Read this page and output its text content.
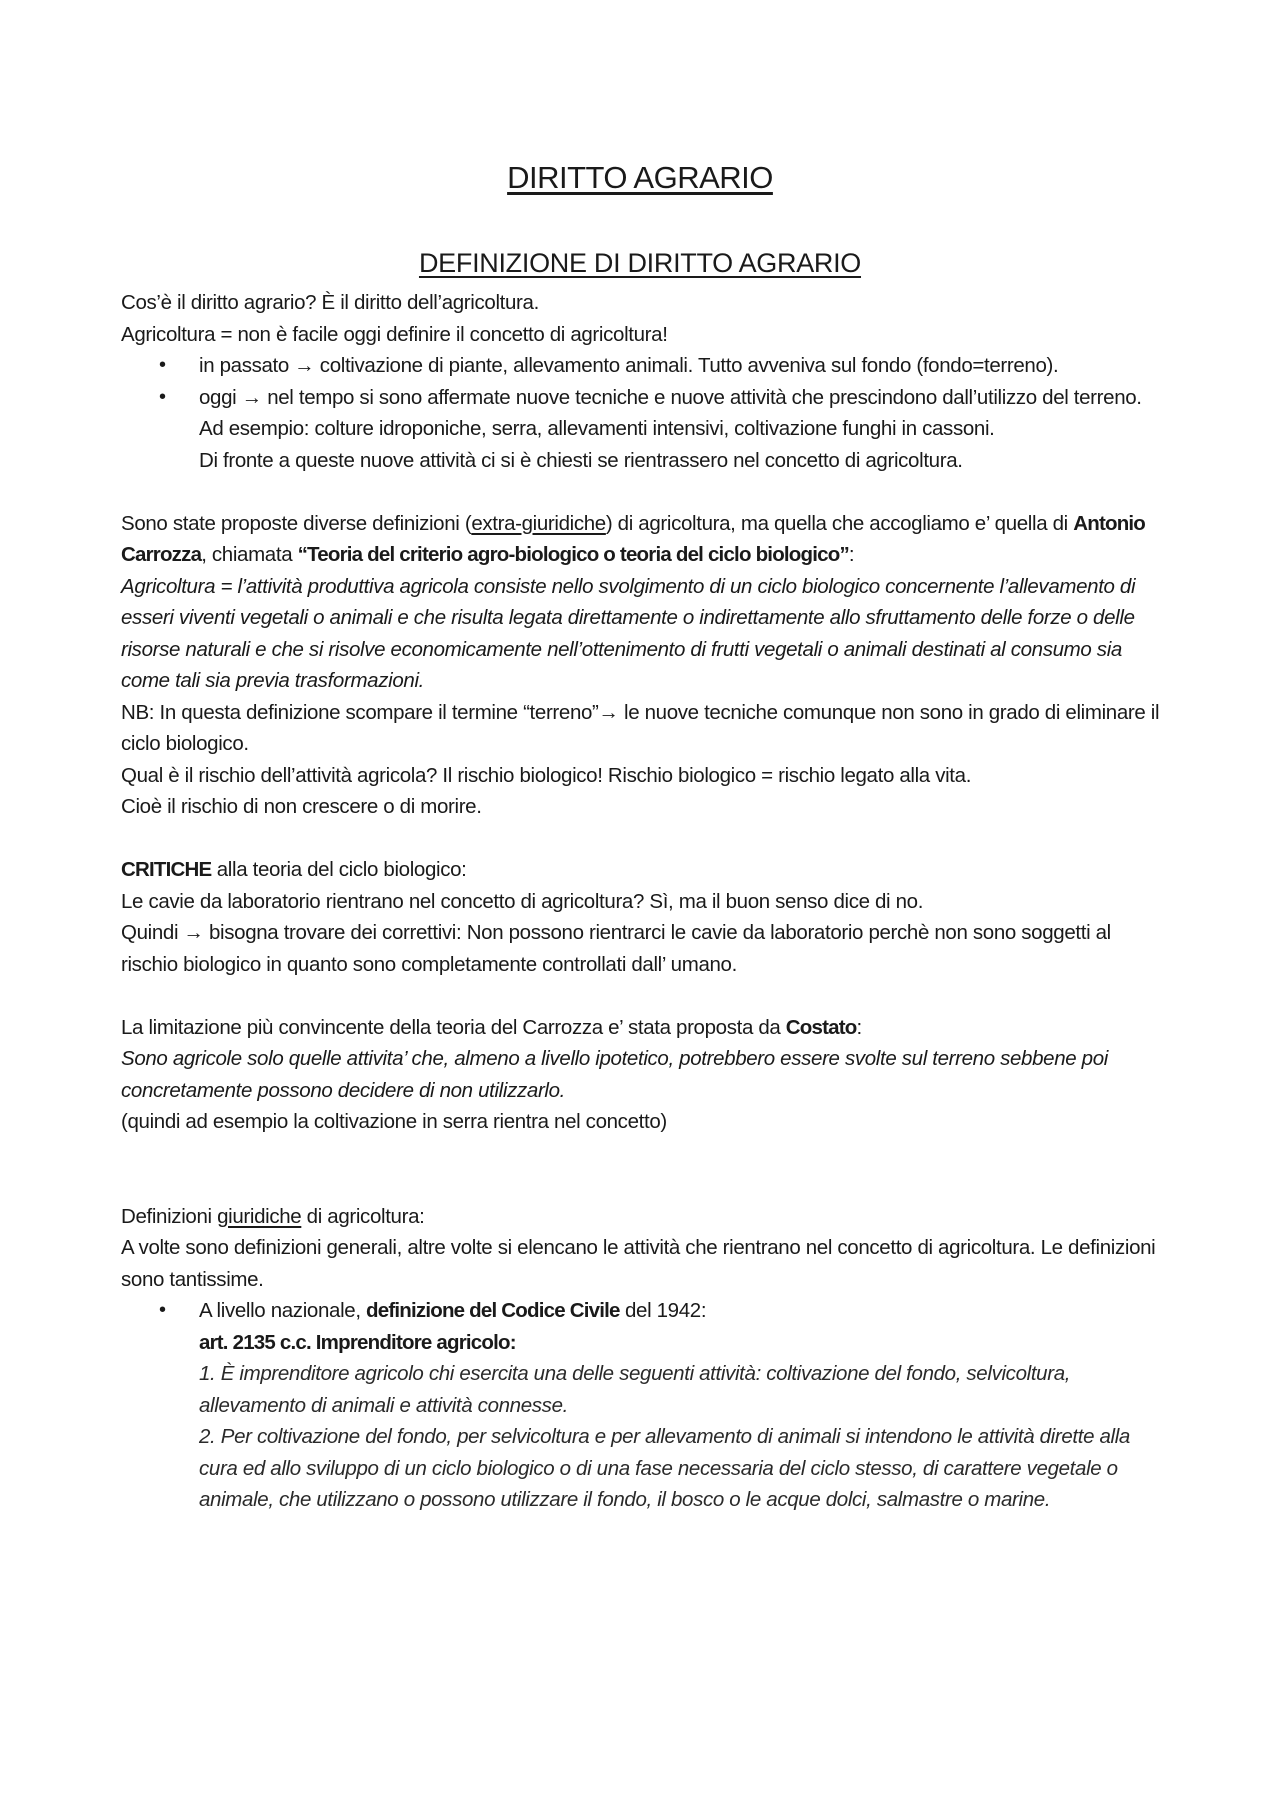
DIRITTO AGRARIO
DEFINIZIONE DI DIRITTO AGRARIO

Cos’è il diritto agrario? È il diritto dell’agricoltura.

Agricoltura = non è facile oggi definire il concetto di agricoltura!

• in passato → coltivazione di piante, allevamento animali. Tutto avveniva sul fondo (fondo=terreno).
• oggi → nel tempo si sono affermate nuove tecniche e nuove attività che prescindono dall’utilizzo del terreno. Ad esempio: colture idroponiche, serra, allevamenti intensivi, coltivazione funghi in cassoni.
Di fronte a queste nuove attività ci si è chiesti se rientrassero nel concetto di agricoltura.

Sono state proposte diverse definizioni (extra-giuridiche) di agricoltura, ma quella che accogliamo e’ quella di Antonio Carrozza, chiamata “Teoria del criterio agro-biologico o teoria del ciclo biologico”:

Agricoltura = l’attività produttiva agricola consiste nello svolgimento di un ciclo biologico concernente l’allevamento di esseri viventi vegetali o animali e che risulta legata direttamente o indirettamente allo sfruttamento delle forze o delle risorse naturali e che si risolve economicamente nell’ottenimento di frutti vegetali o animali destinati al consumo sia come tali sia previa trasformazioni.

NB: In questa definizione scompare il termine “terreno”→ le nuove tecniche comunque non sono in grado di eliminare il ciclo biologico.

Qual è il rischio dell’attività agricola? Il rischio biologico! Rischio biologico = rischio legato alla vita.

Cioè il rischio di non crescere o di morire.

CRITICHE alla teoria del ciclo biologico:

Le cavie da laboratorio rientrano nel concetto di agricoltura? Sì, ma il buon senso dice di no.

Quindi → bisogna trovare dei correttivi: Non possono rientrarci le cavie da laboratorio perchè non sono soggetti al rischio biologico in quanto sono completamente controllati dall’ umano.

La limitazione più convincente della teoria del Carrozza e’ stata proposta da Costato:

Sono agricole solo quelle attivita’ che, almeno a livello ipotetico, potrebbero essere svolte sul terreno sebbene poi concretamente possono decidere di non utilizzarlo.

(quindi ad esempio la coltivazione in serra rientra nel concetto)

Definizioni giuridiche di agricoltura:

A volte sono definizioni generali, altre volte si elencano le attività che rientrano nel concetto di agricoltura. Le definizioni sono tantissime.

• A livello nazionale, definizione del Codice Civile del 1942:

art. 2135 c.c. Imprenditore agricolo:

1. È imprenditore agricolo chi esercita una delle seguenti attività: coltivazione del fondo, selvicoltura, allevamento di animali e attività connesse.

2. Per coltivazione del fondo, per selvicoltura e per allevamento di animali si intendono le attività dirette alla cura ed allo sviluppo di un ciclo biologico o di una fase necessaria del ciclo stesso, di carattere vegetale o animale, che utilizzano o possono utilizzare il fondo, il bosco o le acque dolci, salmastre o marine.
